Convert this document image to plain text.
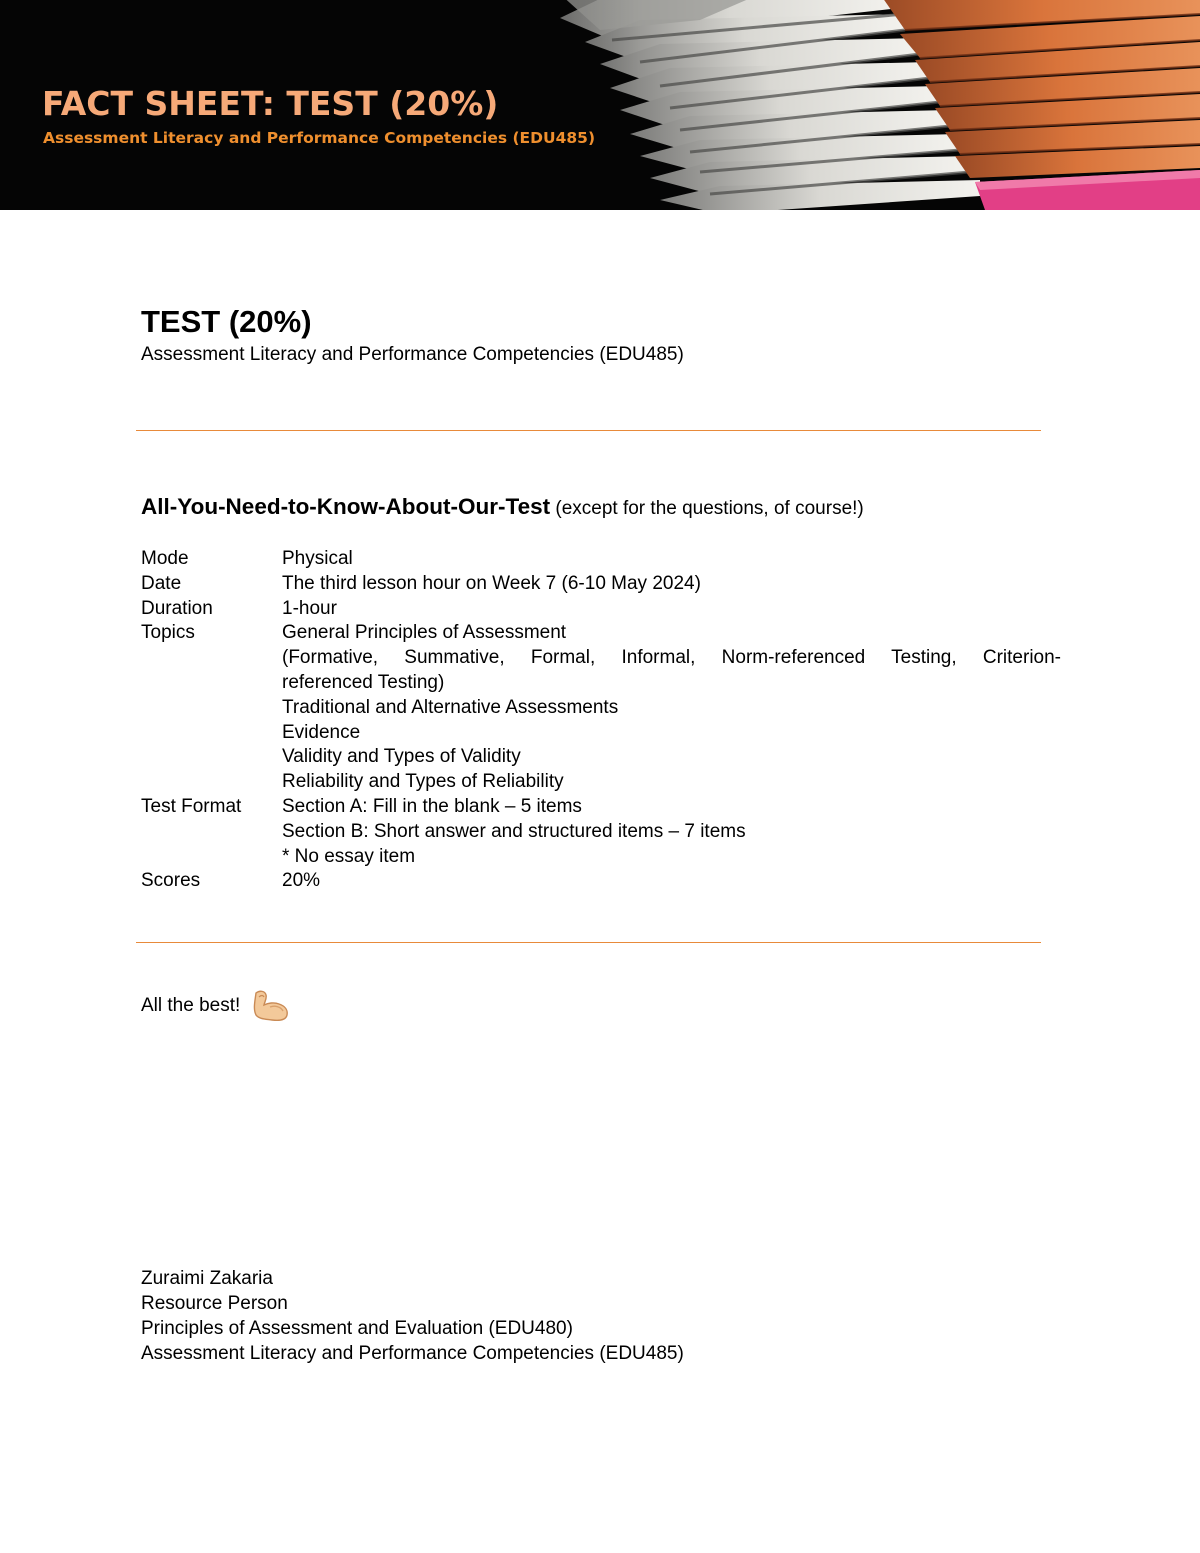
FACT SHEET: TEST (20%)

Assessment Literacy and Performance Competencies (EDU485)

TEST (20%)

Assessment Literacy and Performance Competencies (EDU485)

All-You-Need-to-Know-About-Our-Test (except for the questions, of course!)

Mode	Physical
Date	The third lesson hour on Week 7 (6-10 May 2024)
Duration	1-hour
Topics	General Principles of Assessment
(Formative, Summative, Formal, Informal, Norm-referenced Testing, Criterion-
referenced Testing)
Traditional and Alternative Assessments
Evidence
Validity and Types of Validity
Reliability and Types of Reliability
Test Format	Section A: Fill in the blank – 5 items
Section B: Short answer and structured items – 7 items
* No essay item
Scores	20%

All the best!

Zuraimi Zakaria
Resource Person
Principles of Assessment and Evaluation (EDU480)
Assessment Literacy and Performance Competencies (EDU485)
